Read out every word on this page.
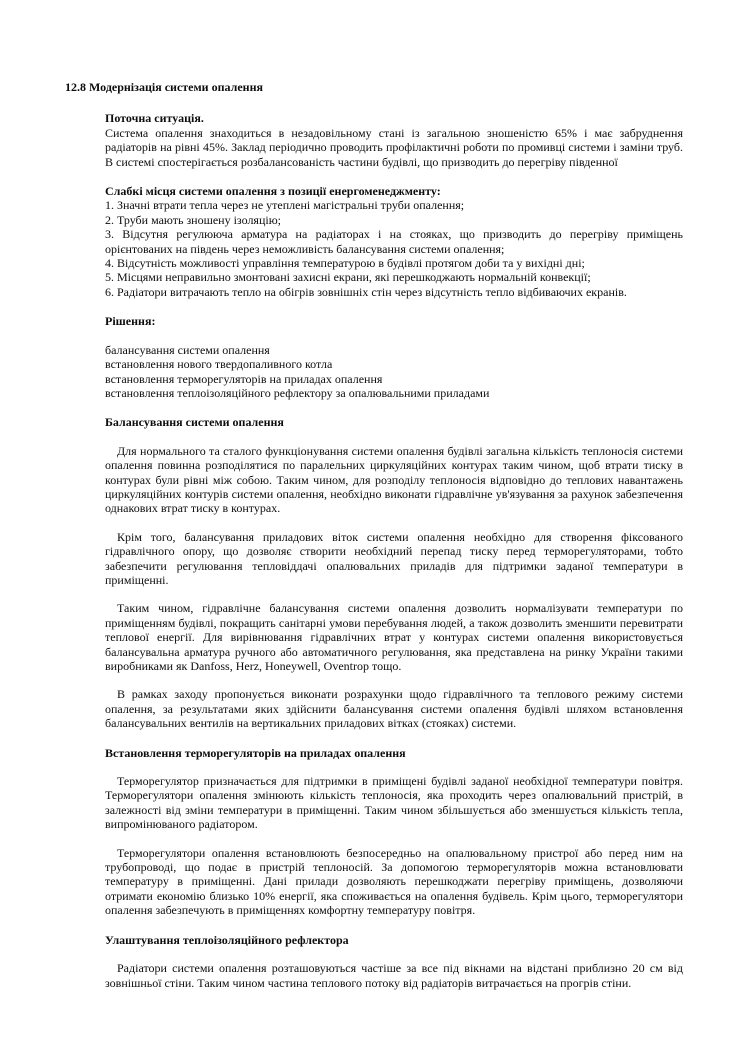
12.8 Модернізація системи опалення
Поточна ситуація.

Система опалення знаходиться в незадовільному стані із загальною зношеністю 65% і має забруднення радіаторів на рівні 45%. Заклад періодично проводить профілактичні роботи по промивці системи і заміни труб. В системі спостерігається розбалансованість частини будівлі, що призводить до перегріву південної

Слабкі місця системи опалення з позиції енергоменеджменту:
1. Значні втрати тепла через не утеплені магістральні труби опалення;
2. Труби мають зношену ізоляцію;
3. Відсутня регулююча арматура на радіаторах і на стояках, що призводить до перегріву приміщень орієнтованих на південь через неможливість балансування системи опалення;
4. Відсутність можливості управління температурою в будівлі протягом доби та у вихідні дні;
5. Місцями неправильно змонтовані захисні екрани, які перешкоджають нормальній конвекції;
6. Радіатори витрачають тепло на обігрів зовнішніх стін через відсутність тепло відбиваючих екранів.
Рішення:
балансування системи опалення
встановлення нового твердопаливного котла
встановлення терморегуляторів на приладах опалення
встановлення теплоізоляційного рефлектору за опалювальними приладами
Балансування системи опалення

Для нормального та сталого функціонування системи опалення будівлі загальна кількість теплоносія системи опалення повинна розподілятися по паралельних циркуляційних контурах таким чином, щоб втрати тиску в контурах були рівні між собою. Таким чином, для розподілу теплоносія відповідно до теплових навантажень циркуляційних контурів системи опалення, необхідно виконати гідравлічне ув'язування за рахунок забезпечення однакових втрат тиску в контурах.

Крім того, балансування приладових віток системи опалення необхідно для створення фіксованого гідравлічного опору, що дозволяє створити необхідний перепад тиску перед терморегуляторами, тобто забезпечити регулювання тепловіддачі опалювальних приладів для підтримки заданої температури в приміщенні.

Таким чином, гідравлічне балансування системи опалення дозволить нормалізувати температури по приміщенням будівлі, покращить санітарні умови перебування людей, а також дозволить зменшити перевитрати теплової енергії. Для вирівнювання гідравлічних втрат у контурах системи опалення використовується балансувальна арматура ручного або автоматичного регулювання, яка представлена на ринку України такими виробниками як Danfoss, Herz, Honeywell, Oventrop тощо.

В рамках заходу пропонується виконати розрахунки щодо гідравлічного та теплового режиму системи опалення, за результатами яких здійснити балансування системи опалення будівлі шляхом встановлення балансувальних вентилів на вертикальних приладових вітках (стояках) системи.

Встановлення терморегуляторів на приладах опалення

Терморегулятор призначається для підтримки в приміщені будівлі заданої необхідної температури повітря. Терморегулятори опалення змінюють кількість теплоносія, яка проходить через опалювальний пристрій, в залежності від зміни температури в приміщенні. Таким чином збільшується або зменшується кількість тепла, випромінюваного радіатором.

Терморегулятори опалення встановлюють безпосередньо на опалювальному пристрої або перед ним на трубопроводі, що подає в пристрій теплоносій. За допомогою терморегуляторів можна встановлювати температуру в приміщенні. Дані прилади дозволяють перешкоджати перегріву приміщень, дозволяючи отримати економію близько 10% енергії, яка споживається на опалення будівель. Крім цього, терморегулятори опалення забезпечують в приміщеннях комфортну температуру повітря.

Улаштування теплоізоляційного рефлектора

Радіатори системи опалення розташовуються частіше за все під вікнами на відстані приблизно 20 см від зовнішньої стіни. Таким чином частина теплового потоку від радіаторів витрачається на прогрів стіни.
